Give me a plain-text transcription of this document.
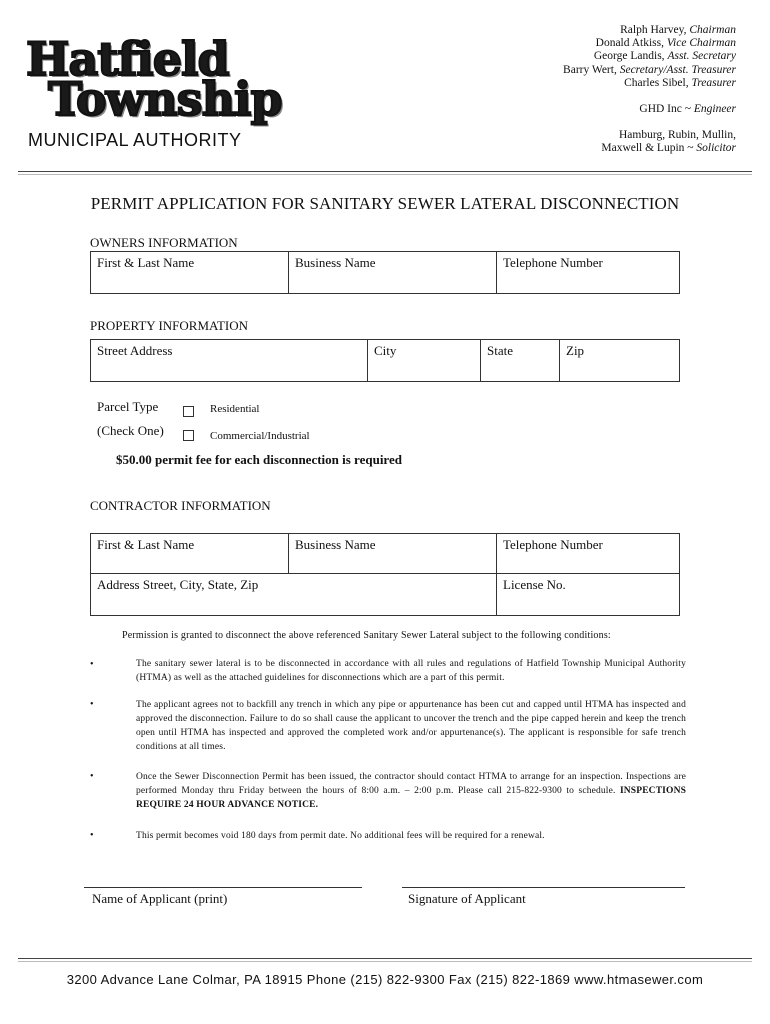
Hatfield
Township
MUNICIPAL AUTHORITY
Ralph Harvey, Chairman
Donald Atkiss, Vice Chairman
George Landis, Asst. Secretary
Barry Wert, Secretary/Asst. Treasurer
Charles Sibel, Treasurer
GHD Inc ~ Engineer
Hamburg, Rubin, Mullin,
Maxwell & Lupin ~ Solicitor
PERMIT APPLICATION FOR SANITARY SEWER LATERAL DISCONNECTION
OWNERS INFORMATION
First & Last Name	Business Name	Telephone Number
PROPERTY INFORMATION
Street Address	City	State	Zip
Parcel Type
(Check One)
Residential
Commercial/Industrial
$50.00 permit fee for each disconnection is required
CONTRACTOR INFORMATION
First & Last Name	Business Name	Telephone Number
Address Street, City, State, Zip		License No.
Permission is granted to disconnect the above referenced Sanitary Sewer Lateral subject to the following conditions:
•	The sanitary sewer lateral is to be disconnected in accordance with all rules and regulations of Hatfield Township Municipal Authority (HTMA) as well as the attached guidelines for disconnections which are a part of this permit.
•	The applicant agrees not to backfill any trench in which any pipe or appurtenance has been cut and capped until HTMA has inspected and approved the disconnection. Failure to do so shall cause the applicant to uncover the trench and the pipe capped herein and keep the trench open until HTMA has inspected and approved the completed work and/or appurtenance(s). The applicant is responsible for safe trench conditions at all times.
•	Once the Sewer Disconnection Permit has been issued, the contractor should contact HTMA to arrange for an inspection. Inspections are performed Monday thru Friday between the hours of 8:00 a.m. – 2:00 p.m. Please call 215-822-9300 to schedule. INSPECTIONS REQUIRE 24 HOUR ADVANCE NOTICE.
•	This permit becomes void 180 days from permit date. No additional fees will be required for a renewal.
Name of Applicant (print)	Signature of Applicant
3200 Advance Lane Colmar, PA 18915 Phone (215) 822-9300 Fax (215) 822-1869 www.htmasewer.com
